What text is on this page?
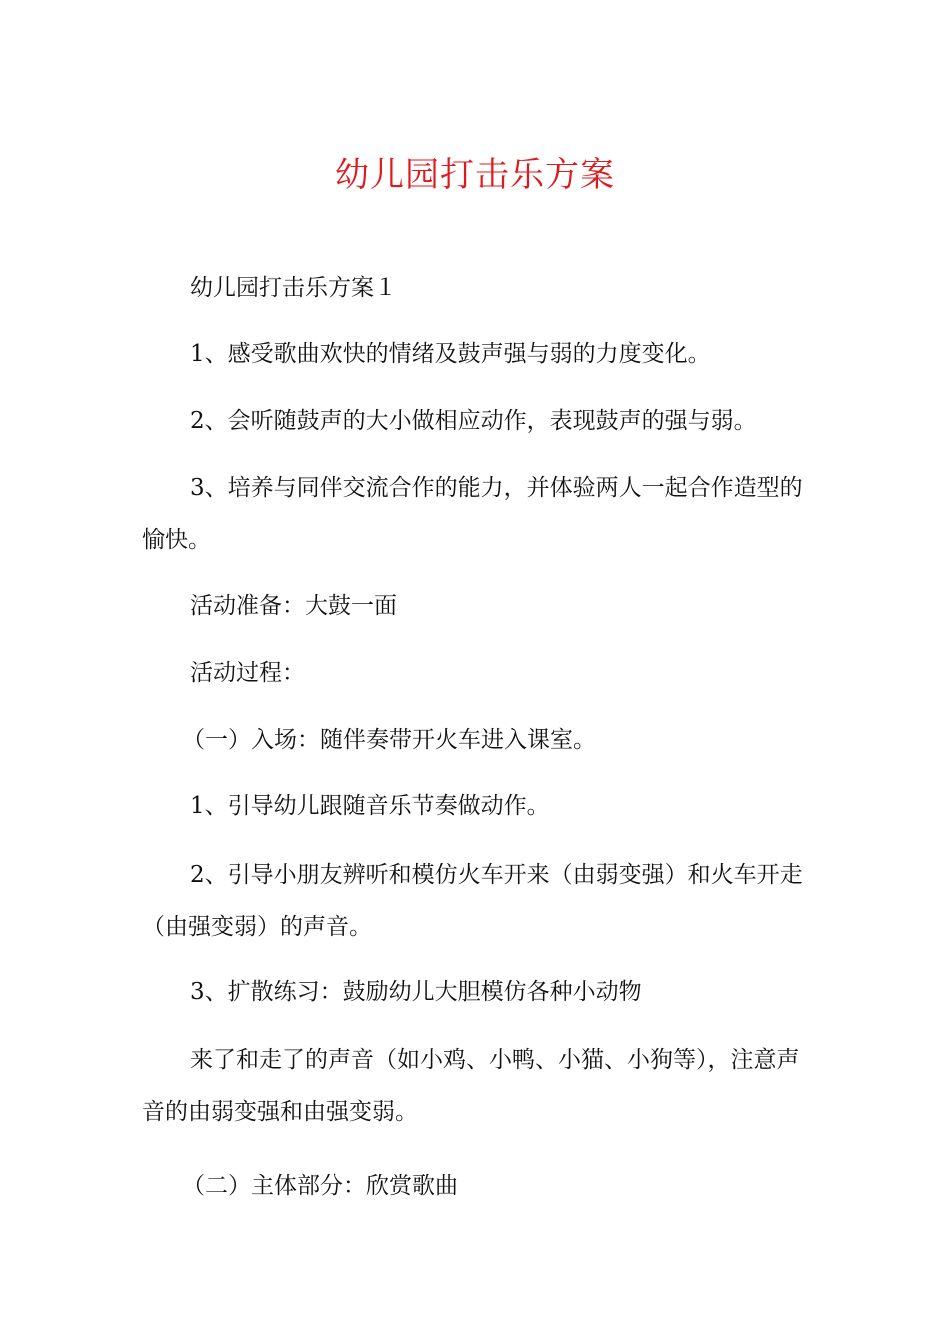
幼儿园打击乐方案

幼儿园打击乐方案１

1、感受歌曲欢快的情绪及鼓声强与弱的力度变化。

2、会听随鼓声的大小做相应动作，表现鼓声的强与弱。

3、培养与同伴交流合作的能力，并体验两人一起合作造型的愉快。

活动准备：大鼓一面

活动过程：

（一）入场：随伴奏带开火车进入课室。

1、引导幼儿跟随音乐节奏做动作。

2、引导小朋友辨听和模仿火车开来（由弱变强）和火车开走（由强变弱）的声音。

3、扩散练习：鼓励幼儿大胆模仿各种小动物

来了和走了的声音（如小鸡、小鸭、小猫、小狗等），注意声音的由弱变强和由强变弱。

（二）主体部分：欣赏歌曲
